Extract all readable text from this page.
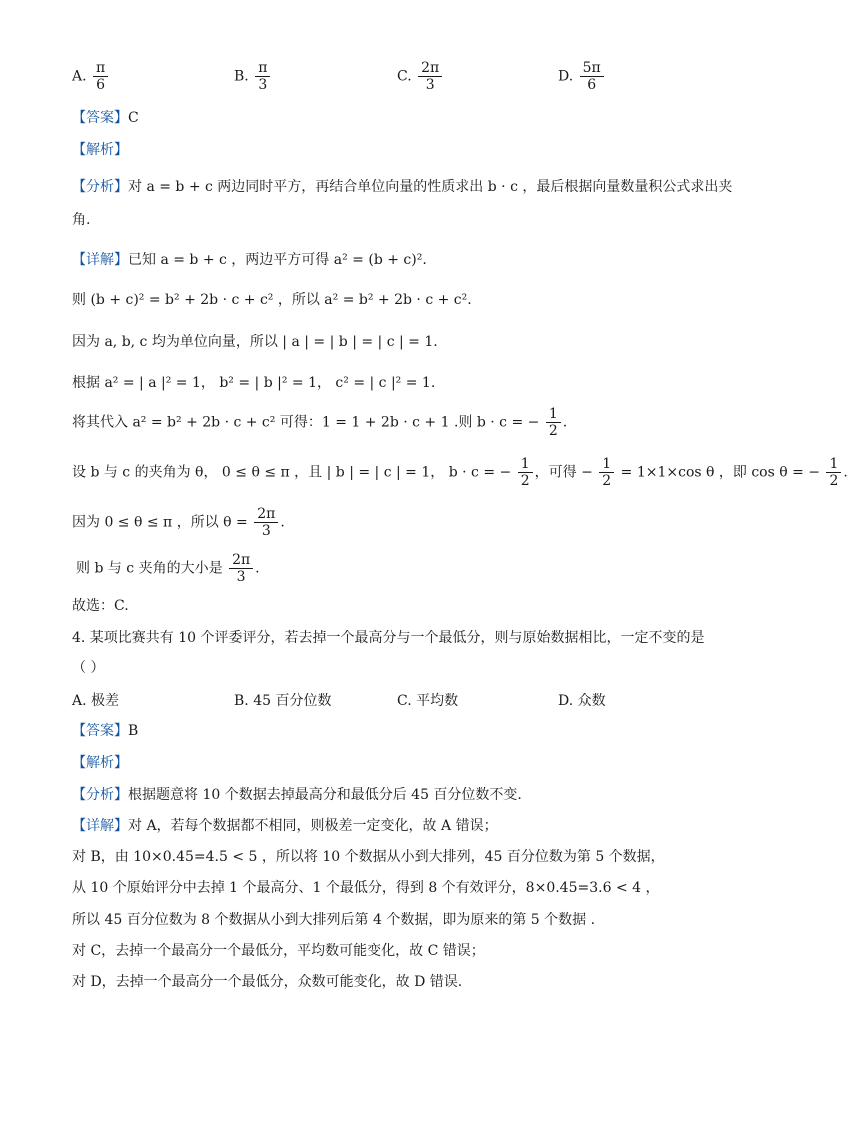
A. $\frac{\pi}{6}$	B. $\frac{\pi}{3}$	C. $\frac{2\pi}{3}$	D. $\frac{5\pi}{6}$
【答案】C
【解析】
【分析】对 a = b + c 两边同时平方，再结合单位向量的性质求出 b · c ，最后根据向量数量积公式求出夹
角.
【详解】已知 a = b + c ，两边平方可得 a² = (b + c)².
则 (b + c)² = b² + 2b · c + c² ，所以 a² = b² + 2b · c + c².
因为 a, b, c 均为单位向量，所以 | a | = | b | = | c | = 1.
根据 a² = | a |² = 1， b² = | b |² = 1， c² = | c |² = 1.
将其代入 a² = b² + 2b · c + c² 可得：1 = 1 + 2b · c + 1 .则 b · c = − $\frac{1}{2}$ .
设 b 与 c 的夹角为 θ， 0 ≤ θ ≤ π ，且 | b | = | c | = 1， b · c = − $\frac{1}{2}$ ，可得 − $\frac{1}{2} = 1\times 1\times\cos$ θ ，即 cos θ = − $\frac{1}{2}$ .
因为 0 ≤ θ ≤ π ，所以 $\theta = \frac{2\pi}{3}$ .
则 b 与 c 夹角的大小是 $\frac{2\pi}{3}$ .
故选：C.
4. 某项比赛共有 10 个评委评分，若去掉一个最高分与一个最低分，则与原始数据相比，一定不变的是
（ ）
A. 极差	B. 45 百分位数	C. 平均数	D. 众数
【答案】B
【解析】
【分析】根据题意将 10 个数据去掉最高分和最低分后 45 百分位数不变.
【详解】对 A，若每个数据都不相同，则极差一定变化，故 A 错误；
对 B，由 10×0.45=4.5 < 5 ，所以将 10 个数据从小到大排列，45 百分位数为第 5 个数据，
从 10 个原始评分中去掉 1 个最高分、1 个最低分，得到 8 个有效评分，8×0.45=3.6 < 4 ，
所以 45 百分位数为 8 个数据从小到大排列后第 4 个数据，即为原来的第 5 个数据 .
对 C，去掉一个最高分一个最低分，平均数可能变化，故 C 错误；
对 D，去掉一个最高分一个最低分，众数可能变化，故 D 错误.
